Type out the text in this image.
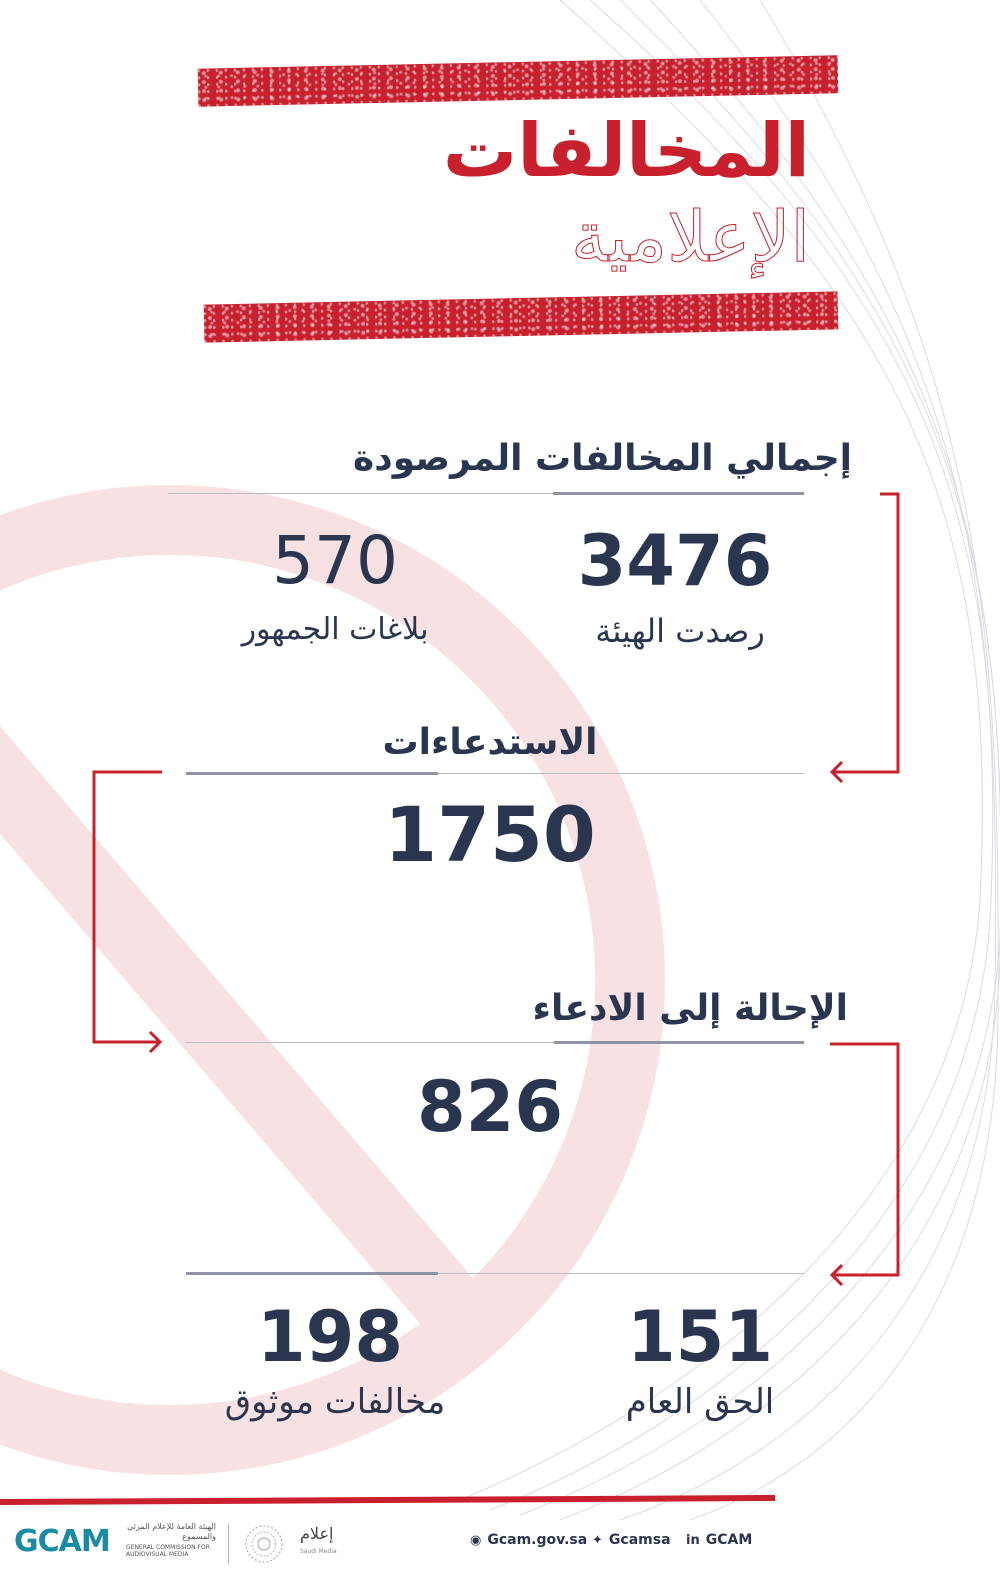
المخالفات
الإعلامية
إجمالي المخالفات المرصودة
3476
رصدت الهيئة
570
بلاغات الجمهور
الاستدعاءات
1750
الإحالة إلى الادعاء
826
151
الحق العام
198
مخالفات موثوق
GCAM الهيئة العامة للإعلام المرئي والمسموع
GENERAL COMMISSION FOR AUDIOVISUAL MEDIA
إعلام
Saudi Media
◉ Gcam.gov.sa ✦ Gcamsa in GCAM
